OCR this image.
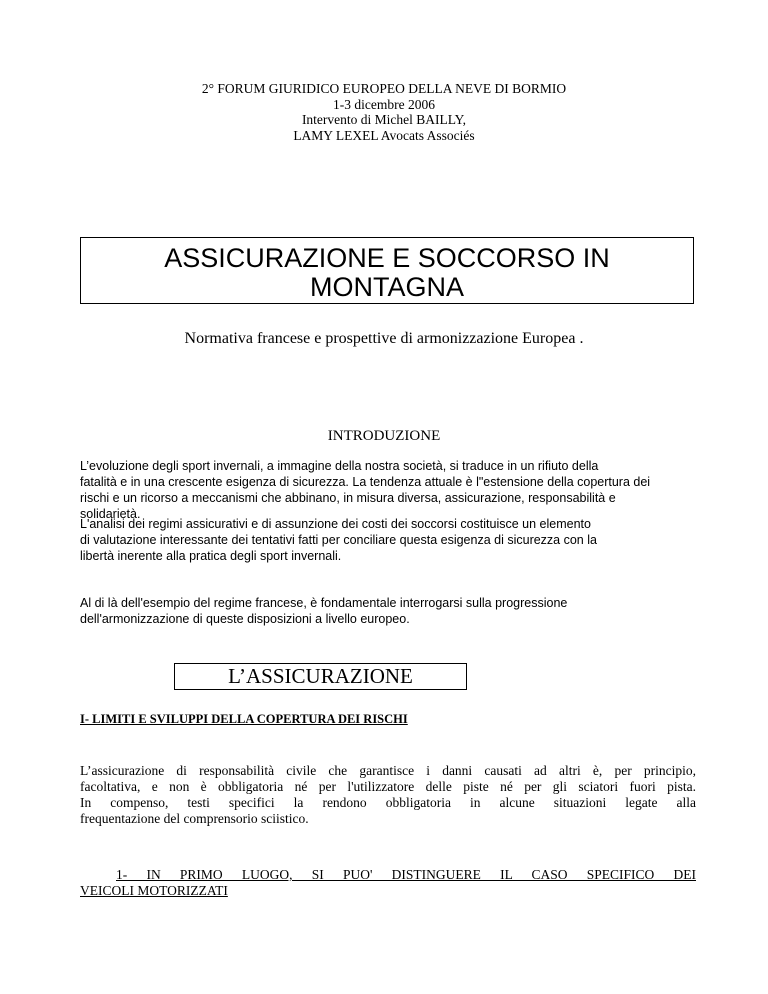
2° FORUM GIURIDICO EUROPEO DELLA NEVE DI BORMIO
1-3 dicembre 2006
Intervento di Michel BAILLY,
LAMY LEXEL Avocats Associés
ASSICURAZIONE E SOCCORSO IN
MONTAGNA
Normativa francese e prospettive di armonizzazione Europea .
INTRODUZIONE
L’evoluzione degli sport invernali, a immagine della nostra società, si traduce in un rifiuto della
fatalità e in una crescente esigenza di sicurezza. La tendenza attuale è l"estensione della copertura dei
rischi e un ricorso a meccanismi che abbinano, in misura diversa, assicurazione, responsabilità e
solidarietà.
L'analisi dei regimi assicurativi e di assunzione dei costi dei soccorsi costituisce un elemento
di valutazione interessante dei tentativi fatti per conciliare questa esigenza di sicurezza con la
libertà inerente alla pratica degli sport invernali.
Al di là dell'esempio del regime francese, è fondamentale interrogarsi sulla progressione
dell'armonizzazione di queste disposizioni a livello europeo.
L’ASSICURAZIONE
I- LIMITI E SVILUPPI DELLA COPERTURA DEI RISCHI
L’assicurazione di responsabilità civile che garantisce i danni causati ad altri è, per principio,
facoltativa, e non è obbligatoria né per l'utilizzatore delle piste né per gli sciatori fuori pista.
In compenso, testi specifici la rendono obbligatoria in alcune situazioni legate alla
frequentazione del comprensorio sciistico.
1- IN PRIMO LUOGO, SI PUO' DISTINGUERE IL CASO SPECIFICO DEI
VEICOLI MOTORIZZATI
